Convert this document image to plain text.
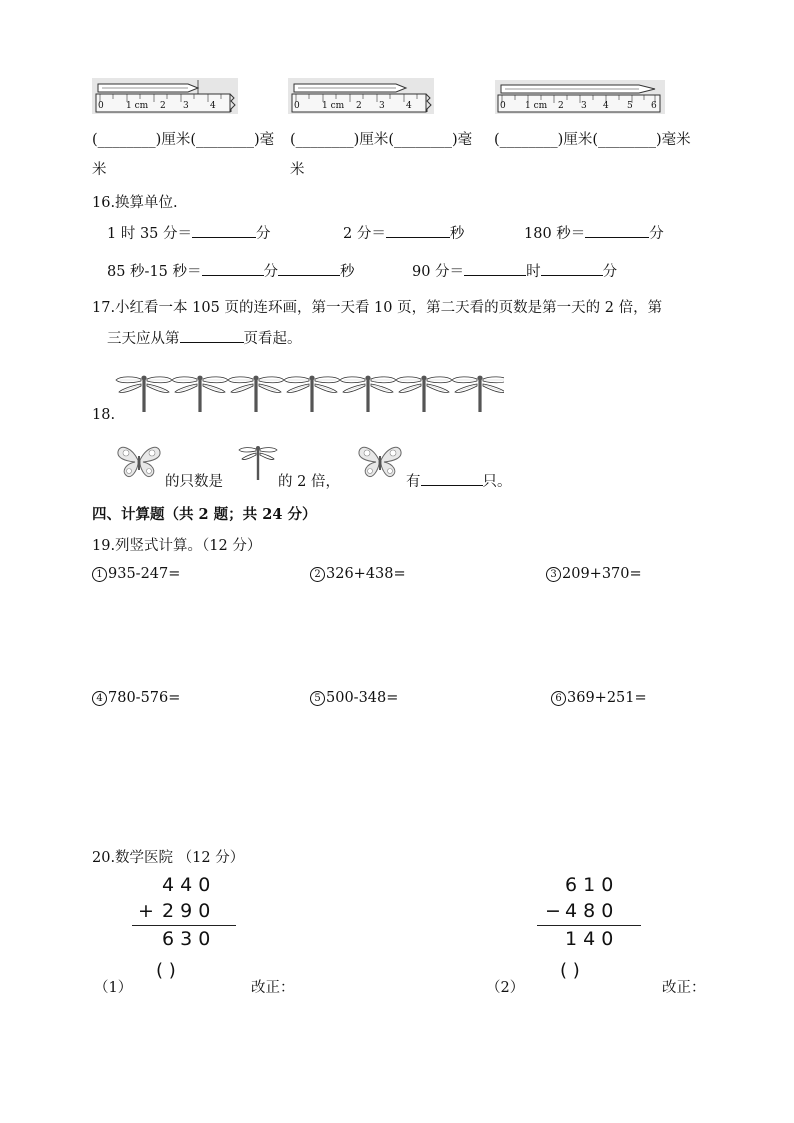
0 1 cm 2 3 4	0 1 cm 2 3 4	0 1 cm 2 3 4 5 6
(________)厘米(________)毫 (________)厘米(________)毫 (________)厘米(________)毫米
米	米
16.换算单位.
1 时 35 分＝	分	2 分＝	秒	180 秒＝	分
85 秒-15 秒＝	分	秒	90 分＝	时	分
17.小红看一本 105 页的连环画，第一天看 10 页，第二天看的页数是第一天的 2 倍，第
三天应从第	页看起。
18.
的只数是	的 2 倍，	有	只。
四、计算题（共 2 题；共 24 分）
19.列竖式计算。（12 分）
1 935-247=	2 326+438=	3 209+370=
4 780-576=	5 500-348=	6 369+251=
20.数学医院 （12 分）
4 4 0
+ 2 9 0
6 3 0
6 1 0
− 4 8 0
1 4 0
（1）
( )
改正：	（2）
( )
改正：
